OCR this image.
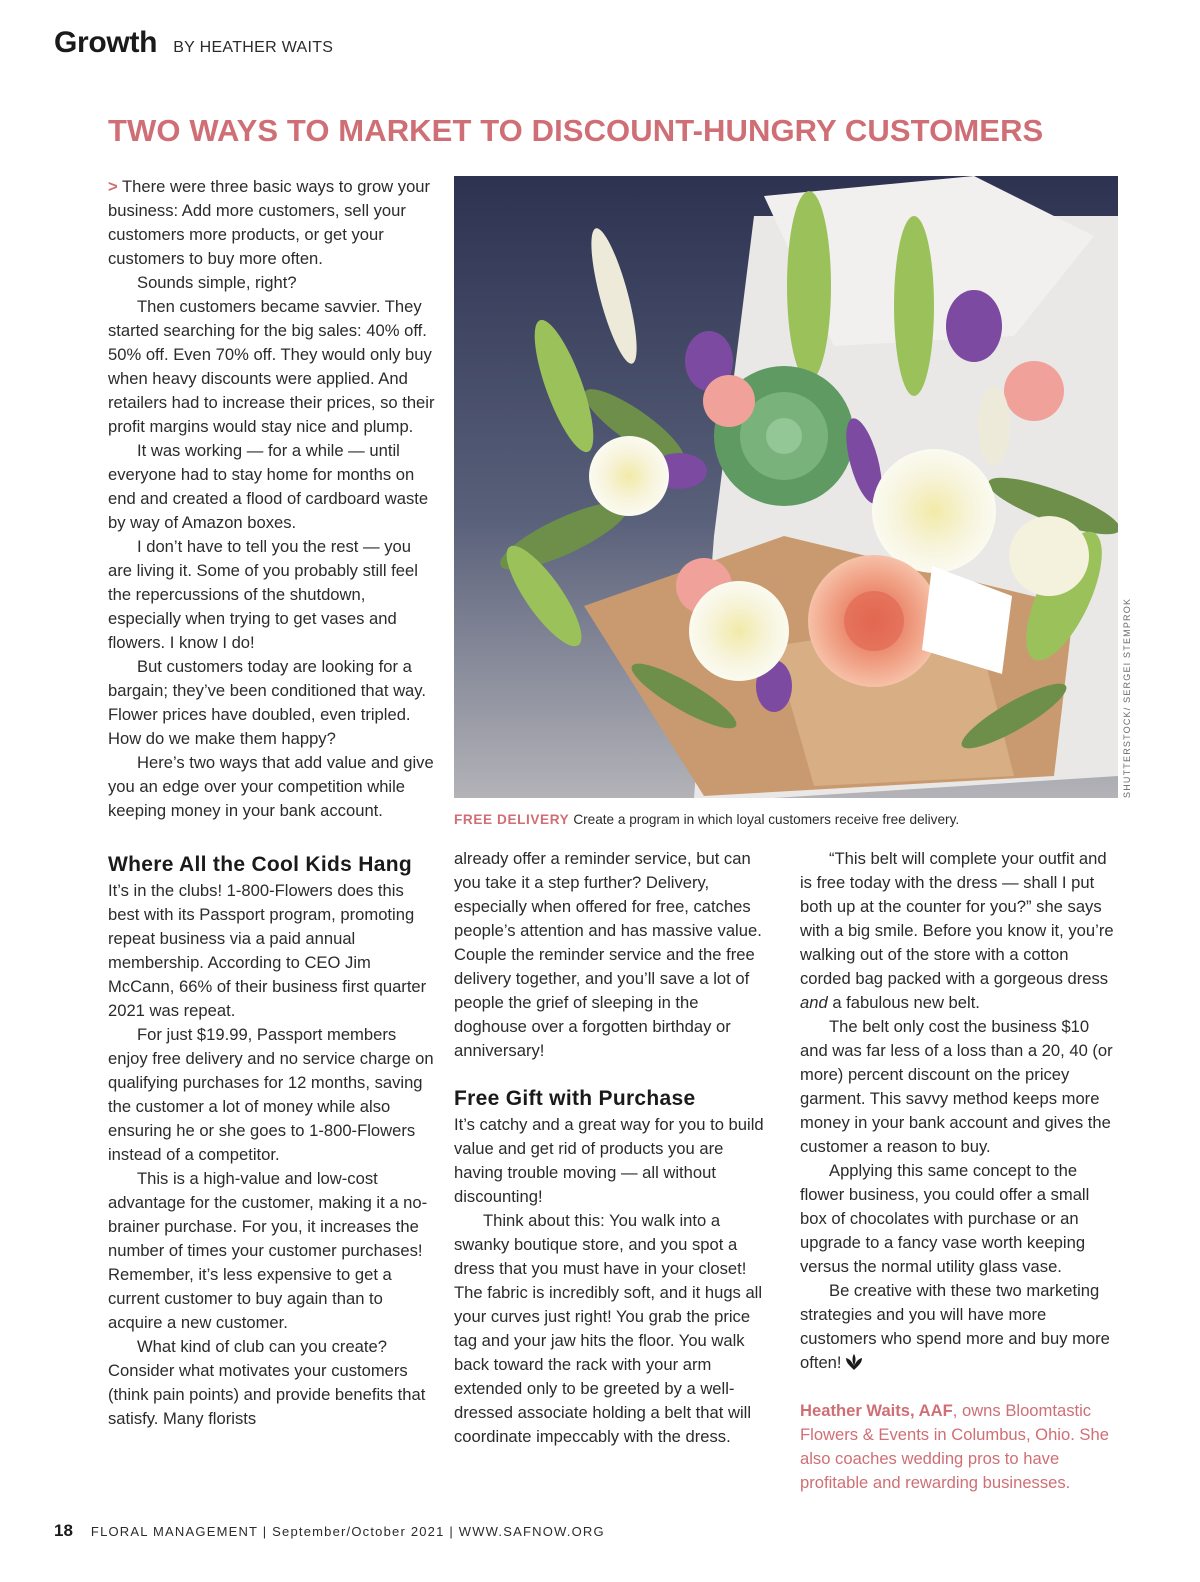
Growth BY HEATHER WAITS
TWO WAYS TO MARKET TO DISCOUNT-HUNGRY CUSTOMERS

> There were three basic ways to grow your business: Add more customers, sell your customers more products, or get your customers to buy more often.

Sounds simple, right?

Then customers became savvier. They started searching for the big sales: 40% off. 50% off. Even 70% off. They would only buy when heavy discounts were applied. And retailers had to increase their prices, so their profit margins would stay nice and plump.

It was working — for a while — until everyone had to stay home for months on end and created a flood of cardboard waste by way of Amazon boxes.

I don’t have to tell you the rest — you are living it. Some of you probably still feel the repercussions of the shutdown, especially when trying to get vases and flowers. I know I do!

But customers today are looking for a bargain; they’ve been conditioned that way. Flower prices have doubled, even tripled. How do we make them happy?

Here’s two ways that add value and give you an edge over your competition while keeping money in your bank account.

Where All the Cool Kids Hang

It’s in the clubs! 1-800-Flowers does this best with its Passport program, promoting repeat business via a paid annual membership. According to CEO Jim McCann, 66% of their business first quarter 2021 was repeat.

For just $19.99, Passport members enjoy free delivery and no service charge on qualifying purchases for 12 months, saving the customer a lot of money while also ensuring he or she goes to 1-800-Flowers instead of a competitor.

This is a high-value and low-cost advantage for the customer, making it a no-brainer purchase. For you, it increases the number of times your customer purchases! Remember, it’s less expensive to get a current customer to buy again than to acquire a new customer.

What kind of club can you create? Consider what motivates your customers (think pain points) and provide benefits that satisfy. Many florists

SHUTTERSTOCK/ SERGEI STEMPROK
FREE DELIVERY Create a program in which loyal customers receive free delivery.

already offer a reminder service, but can you take it a step further? Delivery, especially when offered for free, catches people’s attention and has massive value. Couple the reminder service and the free delivery together, and you’ll save a lot of people the grief of sleeping in the doghouse over a forgotten birthday or anniversary!

Free Gift with Purchase

It’s catchy and a great way for you to build value and get rid of products you are having trouble moving — all without discounting!

Think about this: You walk into a swanky boutique store, and you spot a dress that you must have in your closet! The fabric is incredibly soft, and it hugs all your curves just right! You grab the price tag and your jaw hits the floor. You walk back toward the rack with your arm extended only to be greeted by a well-dressed associate holding a belt that will coordinate impeccably with the dress.

“This belt will complete your outfit and is free today with the dress — shall I put both up at the counter for you?” she says with a big smile. Before you know it, you’re walking out of the store with a cotton corded bag packed with a gorgeous dress and a fabulous new belt.

The belt only cost the business $10 and was far less of a loss than a 20, 40 (or more) percent discount on the pricey garment. This savvy method keeps more money in your bank account and gives the customer a reason to buy.

Applying this same concept to the flower business, you could offer a small box of chocolates with purchase or an upgrade to a fancy vase worth keeping versus the normal utility glass vase.

Be creative with these two marketing strategies and you will have more customers who spend more and buy more often!

Heather Waits, AAF, owns Bloomtastic Flowers & Events in Columbus, Ohio. She also coaches wedding pros to have profitable and rewarding businesses.

18 FLORAL MANAGEMENT | September/October 2021 | WWW.SAFNOW.ORG
